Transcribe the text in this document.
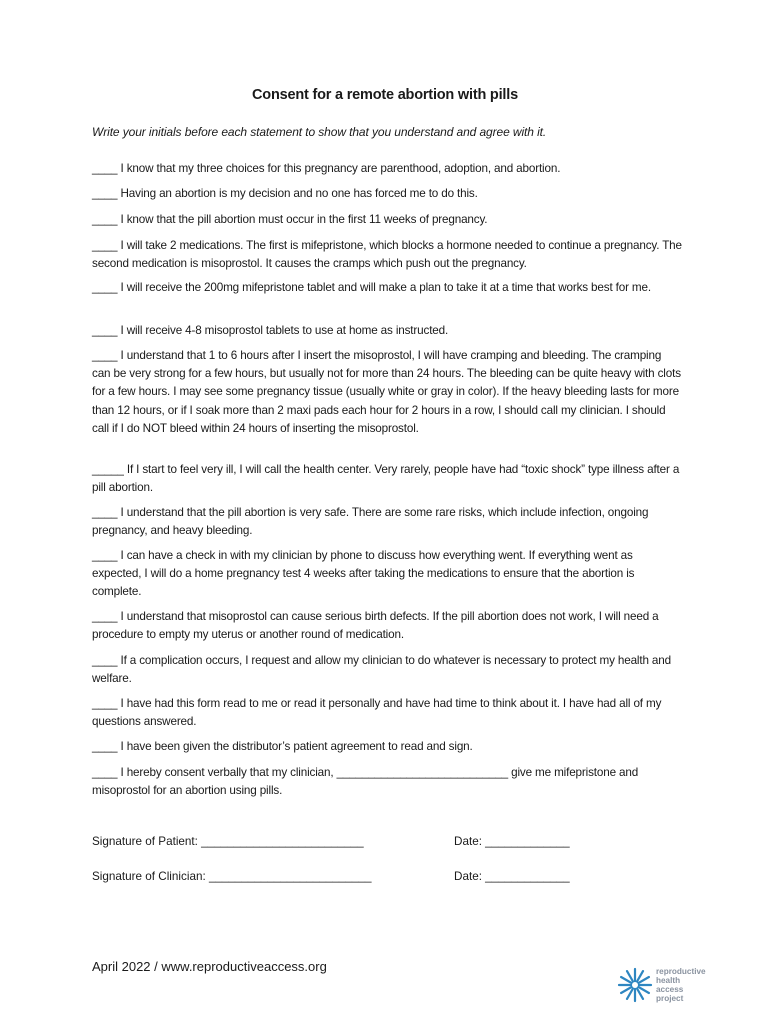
Consent for a remote abortion with pills
Write your initials before each statement to show that you understand and agree with it.
____ I know that my three choices for this pregnancy are parenthood, adoption, and abortion.
____ Having an abortion is my decision and no one has forced me to do this.
____ I know that the pill abortion must occur in the first 11 weeks of pregnancy.
____ I will take 2 medications. The first is mifepristone, which blocks a hormone needed to continue a pregnancy. The second medication is misoprostol. It causes the cramps which push out the pregnancy.
____ I will receive the 200mg mifepristone tablet and will make a plan to take it at a time that works best for me.
____ I will receive 4-8 misoprostol tablets to use at home as instructed.
____ I understand that 1 to 6 hours after I insert the misoprostol, I will have cramping and bleeding. The cramping can be very strong for a few hours, but usually not for more than 24 hours. The bleeding can be quite heavy with clots for a few hours. I may see some pregnancy tissue (usually white or gray in color). If the heavy bleeding lasts for more than 12 hours, or if I soak more than 2 maxi pads each hour for 2 hours in a row, I should call my clinician. I should call if I do NOT bleed within 24 hours of inserting the misoprostol.
_____ If I start to feel very ill, I will call the health center. Very rarely, people have had “toxic shock” type illness after a pill abortion.
____ I understand that the pill abortion is very safe. There are some rare risks, which include infection, ongoing pregnancy, and heavy bleeding.
____ I can have a check in with my clinician by phone to discuss how everything went. If everything went as expected, I will do a home pregnancy test 4 weeks after taking the medications to ensure that the abortion is complete.
____ I understand that misoprostol can cause serious birth defects. If the pill abortion does not work, I will need a procedure to empty my uterus or another round of medication.
____ If a complication occurs, I request and allow my clinician to do whatever is necessary to protect my health and welfare.
____ I have had this form read to me or read it personally and have had time to think about it. I have had all of my questions answered.
____ I have been given the distributor’s patient agreement to read and sign.
____ I hereby consent verbally that my clinician, ___________________________ give me mifepristone and misoprostol for an abortion using pills.
Signature of Patient: _________________________	Date: _____________
Signature of Clinician: _________________________	Date: _____________
April 2022 / www.reproductiveaccess.org	reproductive
health
access
project
